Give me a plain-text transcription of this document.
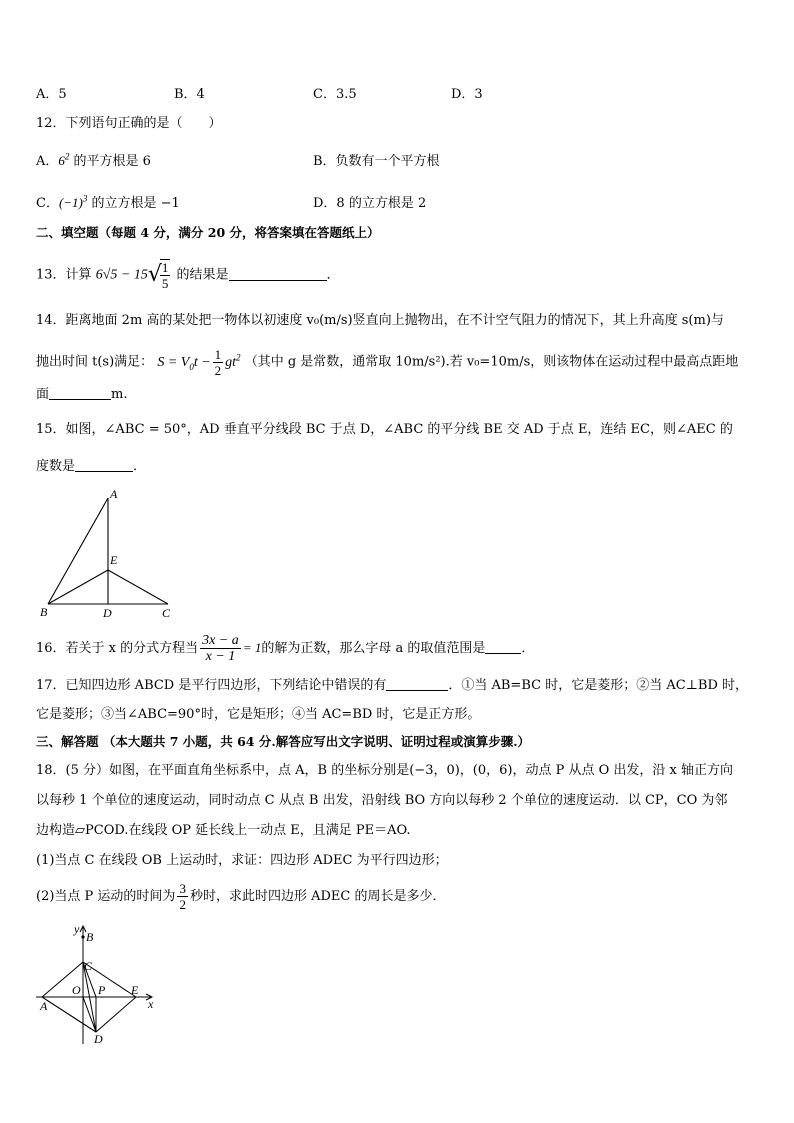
A．5	B．4	C．3.5	D．3
12．下列语句正确的是（　　）
A．$6^2$ 的平方根是 6	B．负数有一个平方根
C．$(-1)^3$ 的立方根是 −1	D．8 的立方根是 2
二、填空题（每题 4 分，满分 20 分，将答案填在答题纸上）
13．计算 6√5 − 15√
$\frac{1}{5}$ 的结果是	．
14．距离地面 2m 高的某处把一物体以初速度 v₀(m/s)竖直向上抛物出，在不计空气阻力的情况下，其上升高度 s(m)与
抛出时间 t(s)满足： $S = V_0t - \frac{1}{2} gt^2$ （其中 g 是常数，通常取 10m/s²).若 v₀=10m/s，则该物体在运动过程中最高点距地
面	m.
15．如图，∠ABC = 50°，AD 垂直平分线段 BC 于点 D，∠ABC 的平分线 BE 交 AD 于点 E，连结 EC，则∠AEC 的
度数是	．
A
E
B	D	C
16．若关于 x 的分式方程当 $\frac{3x - a}{x - 1} = 1$的解为正数，那么字母 a 的取值范围是	．
17．已知四边形 ABCD 是平行四边形，下列结论中错误的有	．①当 AB=BC 时，它是菱形；②当 AC⊥BD 时，
它是菱形；③当∠ABC=90°时，它是矩形；④当 AC=BD 时，它是正方形。
三、解答题 （本大题共 7 小题，共 64 分.解答应写出文字说明、证明过程或演算步骤.）
18．(5 分）如图，在平面直角坐标系中，点 A，B 的坐标分别是(−3，0)，(0，6)，动点 P 从点 O 出发，沿 x 轴正方向
以每秒 1 个单位的速度运动，同时动点 C 从点 B 出发，沿射线 BO 方向以每秒 2 个单位的速度运动．以 CP，CO 为邻
边构造▱PCOD.在线段 OP 延长线上一动点 E，且满足 PE＝AO.
(1)当点 C 在线段 OB 上运动时，求证：四边形 ADEC 为平行四边形；
(2)当点 P 运动的时间为 $\frac{3}{2}$ 秒时，求此时四边形 ADEC 的周长是多少．
y
B
C
O P E
x
A
D
